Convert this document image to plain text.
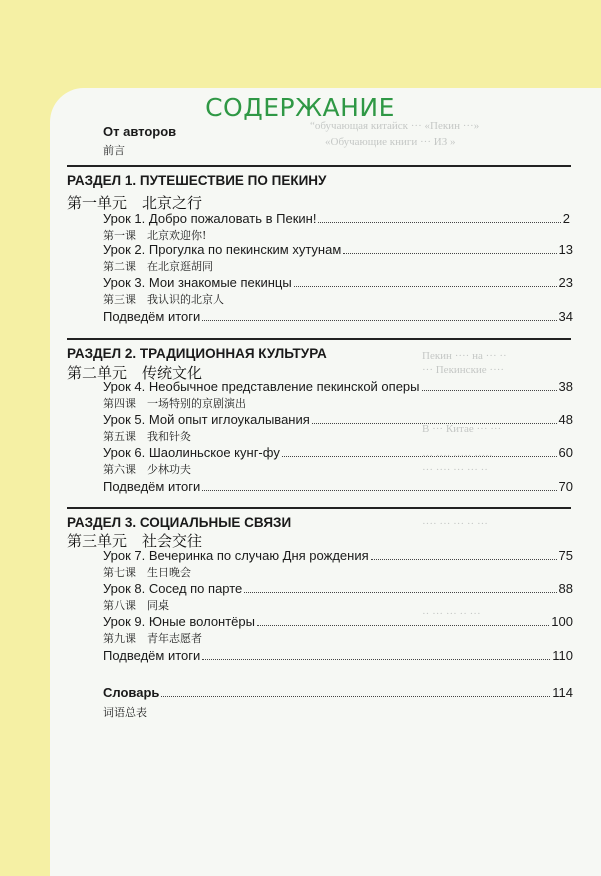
“обучающая китайск ··· «Пекин ···»
«Обучающие книги ··· ИЗ »
Пекин ···· на ··· ··
··· Пекинские ····
В ··· Китае ··· ···
··· ···· ····· ·····
··· ···· ··· ··· ··
···· ··· ··· ·· ···
·· ··· ··· ·· ···
СОДЕРЖАНИЕ
От авторов
前言
РАЗДЕЛ 1. ПУТЕШЕСТВИЕ ПО ПЕКИНУ
第一单元　北京之行
Урок 1. Добро пожаловать в Пекин!	2
第一课　北京欢迎你!
Урок 2. Прогулка по пекинским хутунам	13
第二课　在北京逛胡同
Урок 3. Мои знакомые пекинцы	23
第三课　我认识的北京人
Подведём итоги	34
РАЗДЕЛ 2. ТРАДИЦИОННАЯ КУЛЬТУРА
第二单元　传统文化
Урок 4. Необычное представление пекинской оперы	38
第四课　一场特别的京剧演出
Урок 5. Мой опыт иглоукалывания	48
第五课　我和针灸
Урок 6. Шаолиньское кунг-фу	60
第六课　少林功夫
Подведём итоги	70
РАЗДЕЛ 3. СОЦИАЛЬНЫЕ СВЯЗИ
第三单元　社会交往
Урок 7. Вечеринка по случаю Дня рождения	75
第七课　生日晚会
Урок 8. Сосед по парте	88
第八课　同桌
Урок 9. Юные волонтёры	100
第九课　青年志愿者
Подведём итоги	110
Словарь	114
词语总表
